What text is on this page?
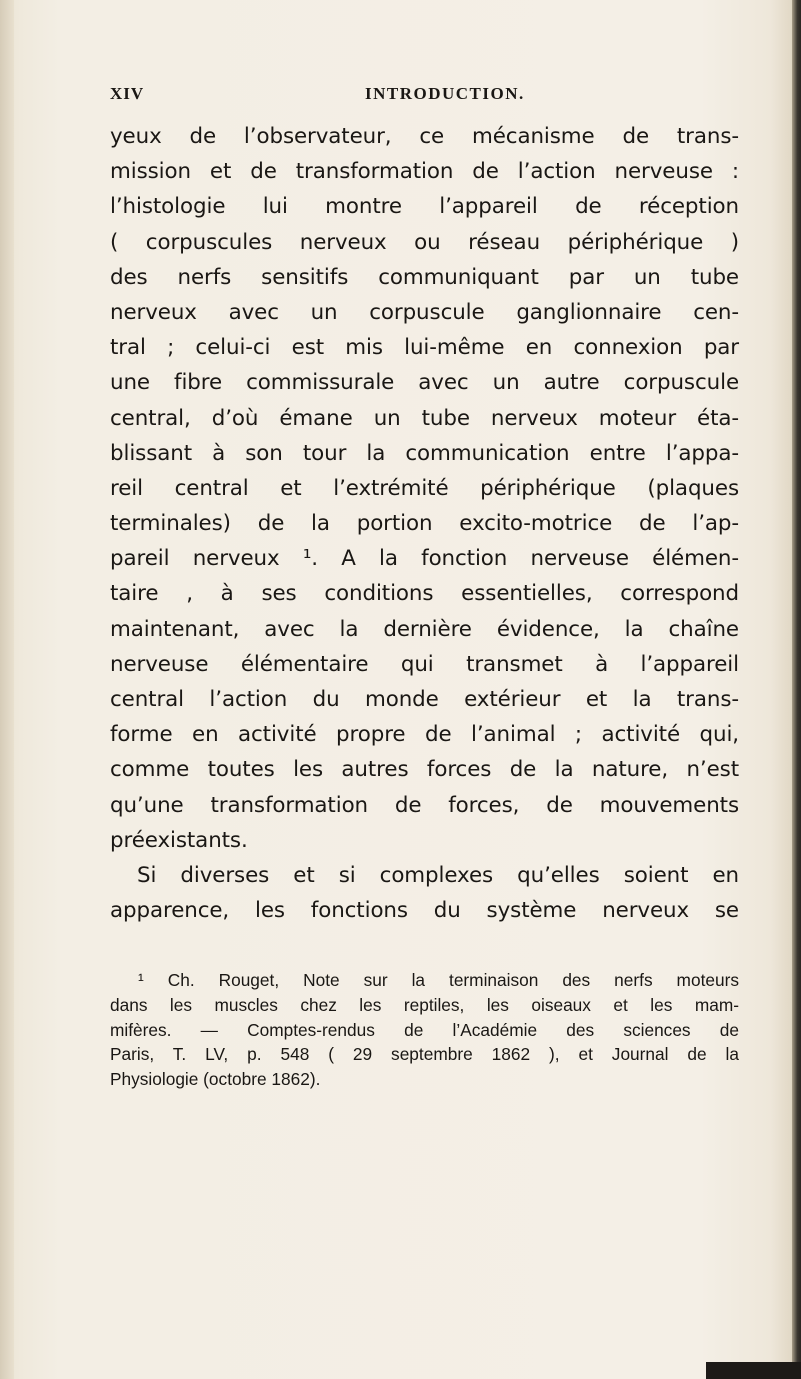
XIV	INTRODUCTION.
yeux de l’observateur, ce mécanisme de trans-
mission et de transformation de l’action nerveuse :
l’histologie lui montre l’appareil de réception
( corpuscules nerveux ou réseau périphérique )
des nerfs sensitifs communiquant par un tube
nerveux avec un corpuscule ganglionnaire cen-
tral ; celui-ci est mis lui-même en connexion par
une fibre commissurale avec un autre corpuscule
central, d’où émane un tube nerveux moteur éta-
blissant à son tour la communication entre l’appa-
reil central et l’extrémité périphérique (plaques
terminales) de la portion excito-motrice de l’ap-
pareil nerveux ¹. A la fonction nerveuse élémen-
taire , à ses conditions essentielles, correspond
maintenant, avec la dernière évidence, la chaîne
nerveuse élémentaire qui transmet à l’appareil
central l’action du monde extérieur et la trans-
forme en activité propre de l’animal ; activité qui,
comme toutes les autres forces de la nature, n’est
qu’une transformation de forces, de mouvements
préexistants.
Si diverses et si complexes qu’elles soient en
apparence, les fonctions du système nerveux se
¹ Ch. Rouget, Note sur la terminaison des nerfs moteurs
dans les muscles chez les reptiles, les oiseaux et les mam-
mifères. — Comptes-rendus de l’Académie des sciences de
Paris, T. LV, p. 548 ( 29 septembre 1862 ), et Journal de la
Physiologie (octobre 1862).
